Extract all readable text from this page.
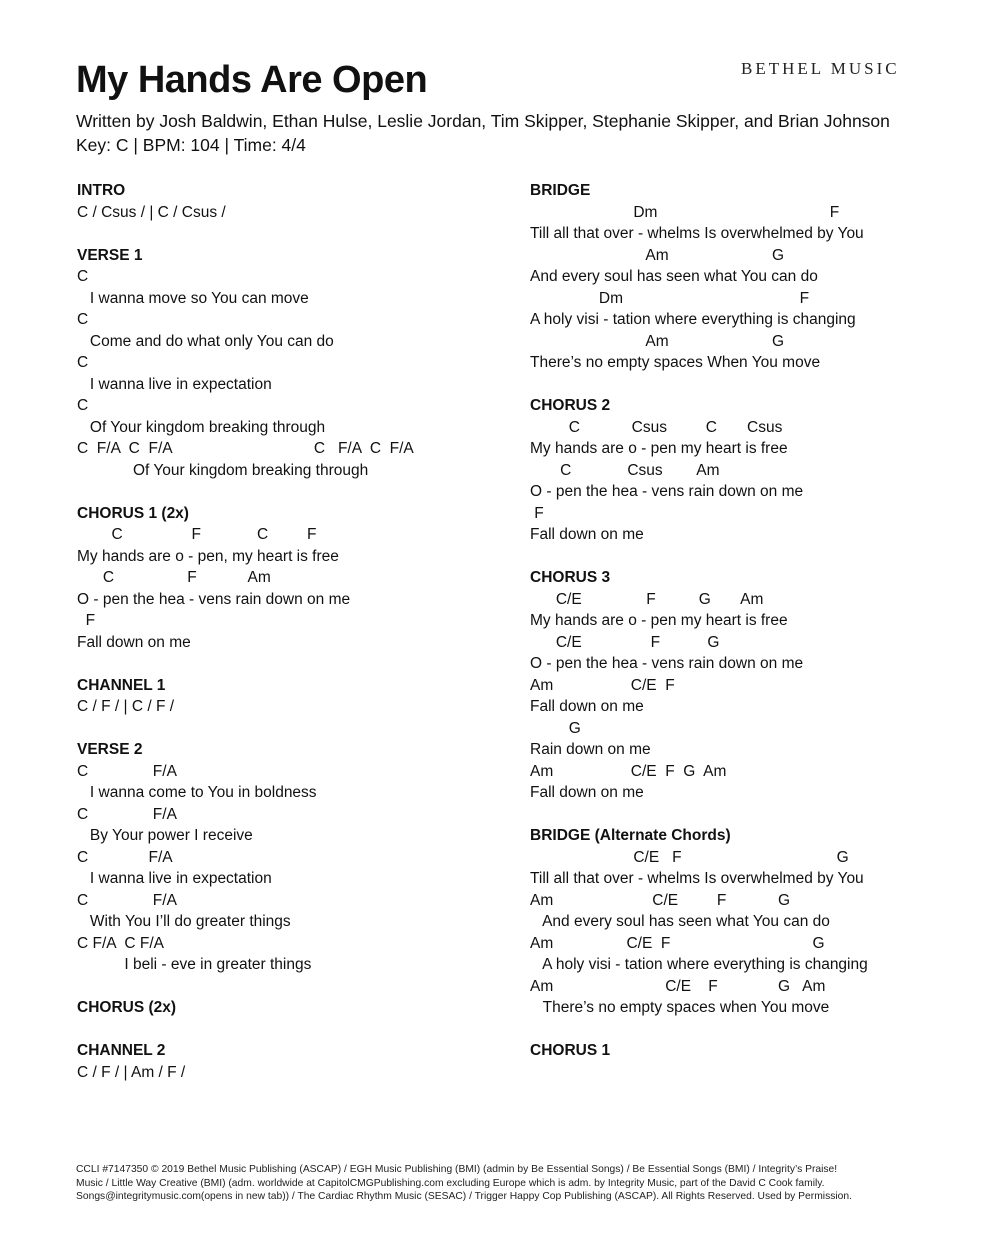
BETHEL MUSIC
My Hands Are Open
Written by Josh Baldwin, Ethan Hulse, Leslie Jordan, Tim Skipper, Stephanie Skipper, and Brian Johnson
Key: C | BPM: 104 | Time: 4/4
INTRO
C / Csus / | C / Csus /
VERSE 1
C
I wanna move so You can move
C
Come and do what only You can do
C
I wanna live in expectation
C
Of Your kingdom breaking through
C  F/A  C  F/A                                 C   F/A  C  F/A
Of Your kingdom breaking through
CHORUS 1 (2x)
C                F             C         F
My hands are o - pen, my heart is free
C                 F            Am
O - pen the hea - vens rain down on me
F
Fall down on me
CHANNEL 1
C / F / | C / F /
VERSE 2
C               F/A
I wanna come to You in boldness
C               F/A
By Your power I receive
C              F/A
I wanna live in expectation
C               F/A
With You I’ll do greater things
C F/A  C F/A
I beli - eve in greater things
CHORUS (2x)
CHANNEL 2
C / F / | Am / F /
BRIDGE
Dm                                        F
Till all that over - whelms Is overwhelmed by You
Am                        G
And every soul has seen what You can do
Dm                                         F
A holy visi - tation where everything is changing
Am                        G
There’s no empty spaces When You move
CHORUS 2
C            Csus         C       Csus
My hands are o - pen my heart is free
C             Csus        Am
O - pen the hea - vens rain down on me
F
Fall down on me
CHORUS 3
C/E               F          G       Am
My hands are o - pen my heart is free
C/E                F           G
O - pen the hea - vens rain down on me
Am                  C/E  F
Fall down on me
G
Rain down on me
Am                  C/E  F  G  Am
Fall down on me
BRIDGE (Alternate Chords)
C/E   F                                    G
Till all that over - whelms Is overwhelmed by You
Am                       C/E         F            G
And every soul has seen what You can do
Am                 C/E  F                                 G
A holy visi - tation where everything is changing
Am                          C/E    F              G   Am
There’s no empty spaces when You move
CHORUS 1
CCLI #7147350 © 2019 Bethel Music Publishing (ASCAP) / EGH Music Publishing (BMI) (admin by Be Essential Songs) / Be Essential Songs (BMI) / Integrity’s Praise!
Music / Little Way Creative (BMI) (adm. worldwide at CapitolCMGPublishing.com excluding Europe which is adm. by Integrity Music, part of the David C Cook family.
Songs@integritymusic.com(opens in new tab)) / The Cardiac Rhythm Music (SESAC) / Trigger Happy Cop Publishing (ASCAP). All Rights Reserved. Used by Permission.
